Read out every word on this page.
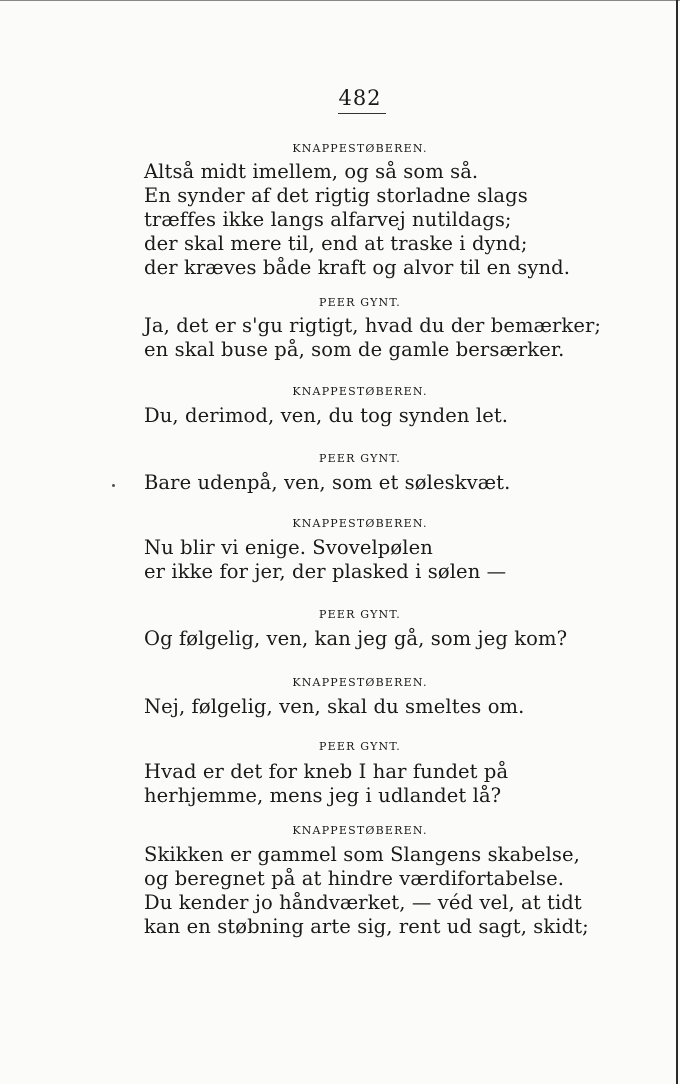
482
KNAPPESTØBEREN.
Altså midt imellem, og så som så.
En synder af det rigtig storladne slags
træffes ikke langs alfarvej nutildags;
der skal mere til, end at traske i dynd;
der kræves både kraft og alvor til en synd.
PEER GYNT.
Ja, det er s'gu rigtigt, hvad du der bemærker;
en skal buse på, som de gamle bersærker.
KNAPPESTØBEREN.
Du, derimod, ven, du tog synden let.
PEER GYNT.
Bare udenpå, ven, som et søleskvæt.
KNAPPESTØBEREN.
Nu blir vi enige. Svovelpølen
er ikke for jer, der plasked i sølen —
PEER GYNT.
Og følgelig, ven, kan jeg gå, som jeg kom?
KNAPPESTØBEREN.
Nej, følgelig, ven, skal du smeltes om.
PEER GYNT.
Hvad er det for kneb I har fundet på
herhjemme, mens jeg i udlandet lå?
KNAPPESTØBEREN.
Skikken er gammel som Slangens skabelse,
og beregnet på at hindre værdifortabelse.
Du kender jo håndværket, — véd vel, at tidt
kan en støbning arte sig, rent ud sagt, skidt;
